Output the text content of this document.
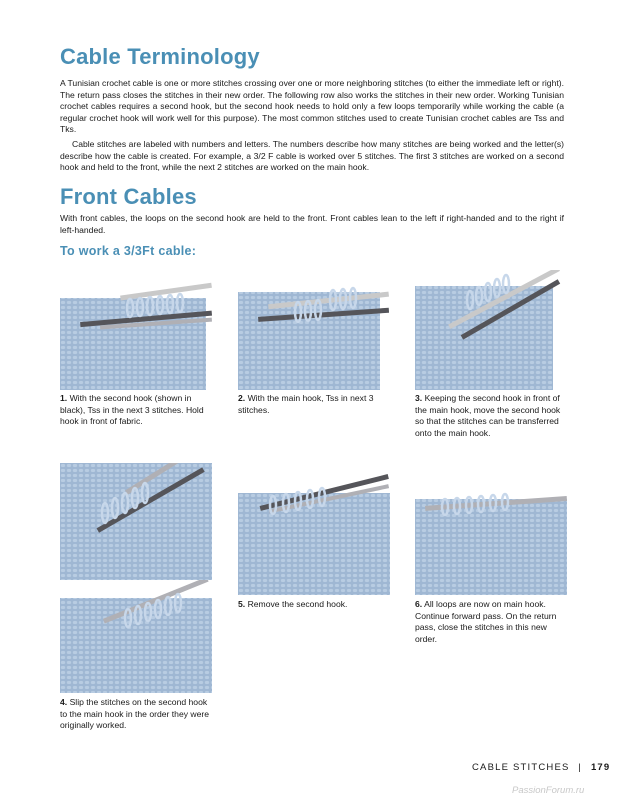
Cable Terminology
A Tunisian crochet cable is one or more stitches crossing over one or more neighboring stitches (to either the immediate left or right). The return pass closes the stitches in their new order. The following row also works the stitches in their new order. Working Tunisian crochet cables requires a second hook, but the second hook needs to hold only a few loops temporarily while working the cable (a regular crochet hook will work well for this purpose). The most common stitches used to create Tunisian crochet cables are Tss and Tks.
Cable stitches are labeled with numbers and letters. The numbers describe how many stitches are being worked and the letter(s) describe how the cable is created. For example, a 3/2 F cable is worked over 5 stitches. The first 3 stitches are worked on a second hook and held to the front, while the next 2 stitches are worked on the main hook.
Front Cables
With front cables, the loops on the second hook are held to the front. Front cables lean to the left if right-handed and to the right if left-handed.
To work a 3/3Ft cable:
1. With the second hook (shown in black), Tss in the next 3 stitches. Hold hook in front of fabric.
2. With the main hook, Tss in next 3 stitches.
3. Keeping the second hook in front of the main hook, move the second hook so that the stitches can be transferred onto the main hook.
4. Slip the stitches on the second hook to the main hook in the order they were originally worked.
5. Remove the second hook.	6. All loops are now on main hook. Continue forward pass. On the return pass, close the stitches in this new order.
CABLE STITCHES | 179
PassionForum.ru
